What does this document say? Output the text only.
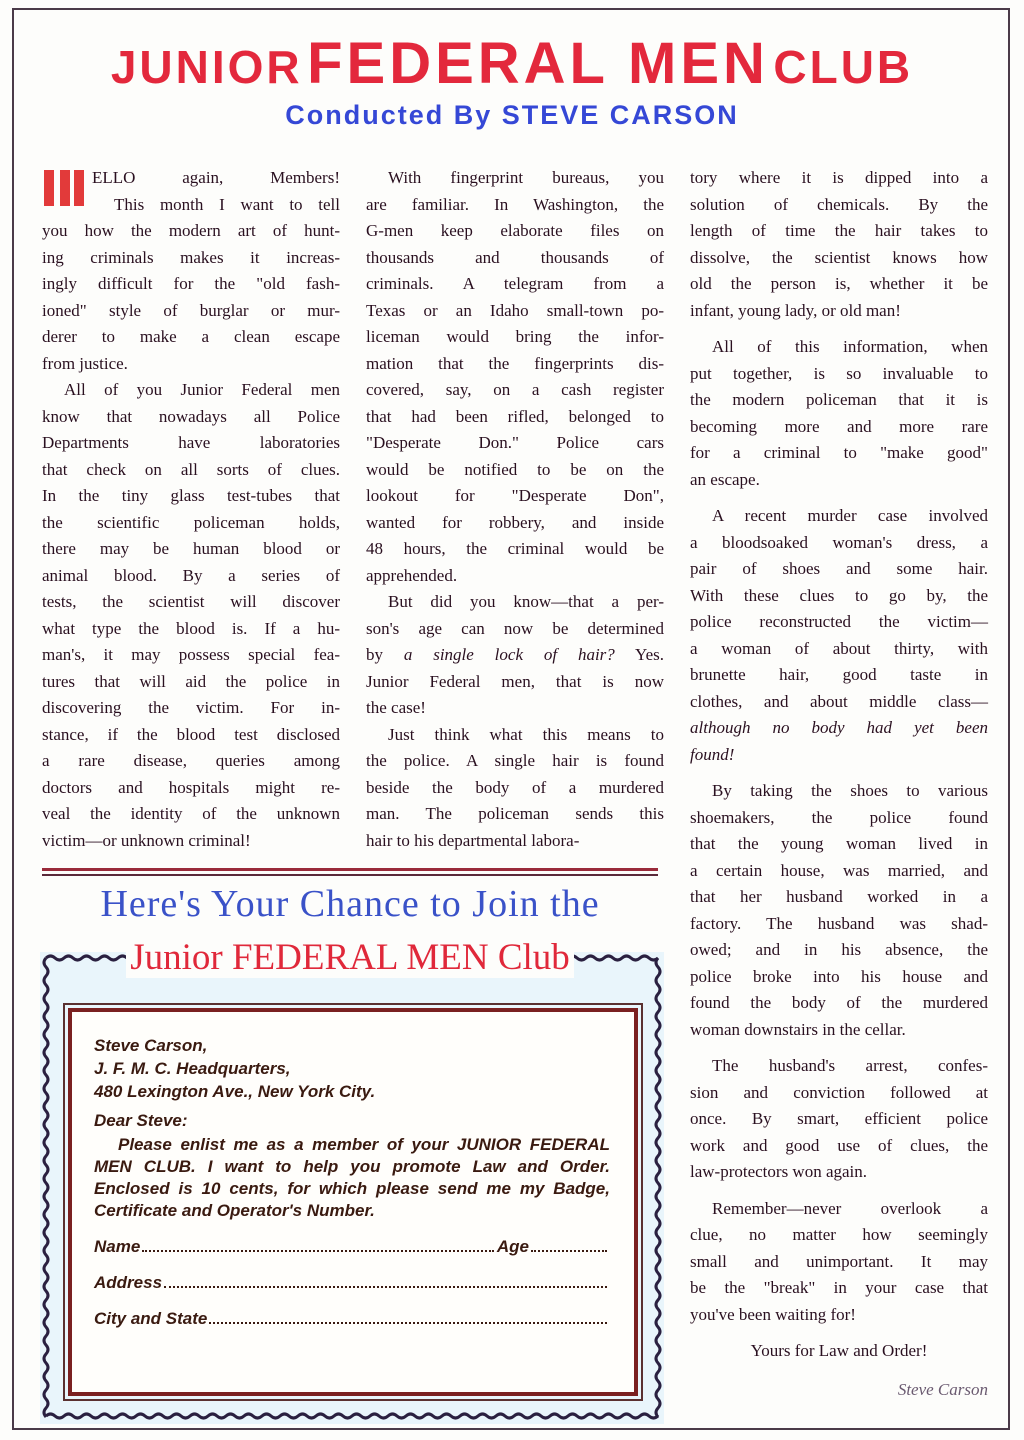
JUNIOR FEDERAL MEN CLUB
Conducted By STEVE CARSON
ELLO again, Members!
This month I want to tell
you how the modern art of hunt-
ing criminals makes it increas-
ingly difficult for the "old fash-
ioned" style of burglar or mur-
derer to make a clean escape
from justice.
All of you Junior Federal men
know that nowadays all Police
Departments have laboratories
that check on all sorts of clues.
In the tiny glass test-tubes that
the scientific policeman holds,
there may be human blood or
animal blood. By a series of
tests, the scientist will discover
what type the blood is. If a hu-
man's, it may possess special fea-
tures that will aid the police in
discovering the victim. For in-
stance, if the blood test disclosed
a rare disease, queries among
doctors and hospitals might re-
veal the identity of the unknown
victim—or unknown criminal!
With fingerprint bureaus, you
are familiar. In Washington, the
G-men keep elaborate files on
thousands and thousands of
criminals. A telegram from a
Texas or an Idaho small-town po-
liceman would bring the infor-
mation that the fingerprints dis-
covered, say, on a cash register
that had been rifled, belonged to
"Desperate Don." Police cars
would be notified to be on the
lookout for "Desperate Don",
wanted for robbery, and inside
48 hours, the criminal would be
apprehended.
But did you know—that a per-
son's age can now be determined
by a single lock of hair? Yes.
Junior Federal men, that is now
the case!
Just think what this means to
the police. A single hair is found
beside the body of a murdered
man. The policeman sends this
hair to his departmental labora-
tory where it is dipped into a
solution of chemicals. By the
length of time the hair takes to
dissolve, the scientist knows how
old the person is, whether it be
infant, young lady, or old man!
All of this information, when
put together, is so invaluable to
the modern policeman that it is
becoming more and more rare
for a criminal to "make good"
an escape.
A recent murder case involved
a bloodsoaked woman's dress, a
pair of shoes and some hair.
With these clues to go by, the
police reconstructed the victim—
a woman of about thirty, with
brunette hair, good taste in
clothes, and about middle class—
although no body had yet been
found!
By taking the shoes to various
shoemakers, the police found
that the young woman lived in
a certain house, was married, and
that her husband worked in a
factory. The husband was shad-
owed; and in his absence, the
police broke into his house and
found the body of the murdered
woman downstairs in the cellar.
The husband's arrest, confes-
sion and conviction followed at
once. By smart, efficient police
work and good use of clues, the
law-protectors won again.
Remember—never overlook a
clue, no matter how seemingly
small and unimportant. It may
be the "break" in your case that
you've been waiting for!
Yours for Law and Order!
Steve Carson
Here's Your Chance to Join the
Junior FEDERAL MEN Club
Steve Carson,
J. F. M. C. Headquarters,
480 Lexington Ave., New York City.
Dear Steve:
Please enlist me as a member of your JUNIOR FEDERAL MEN CLUB. I want to help you promote Law and Order. Enclosed is 10 cents, for which please send me my Badge, Certificate and Operator's Number.
Name	Age
Address
City and State
